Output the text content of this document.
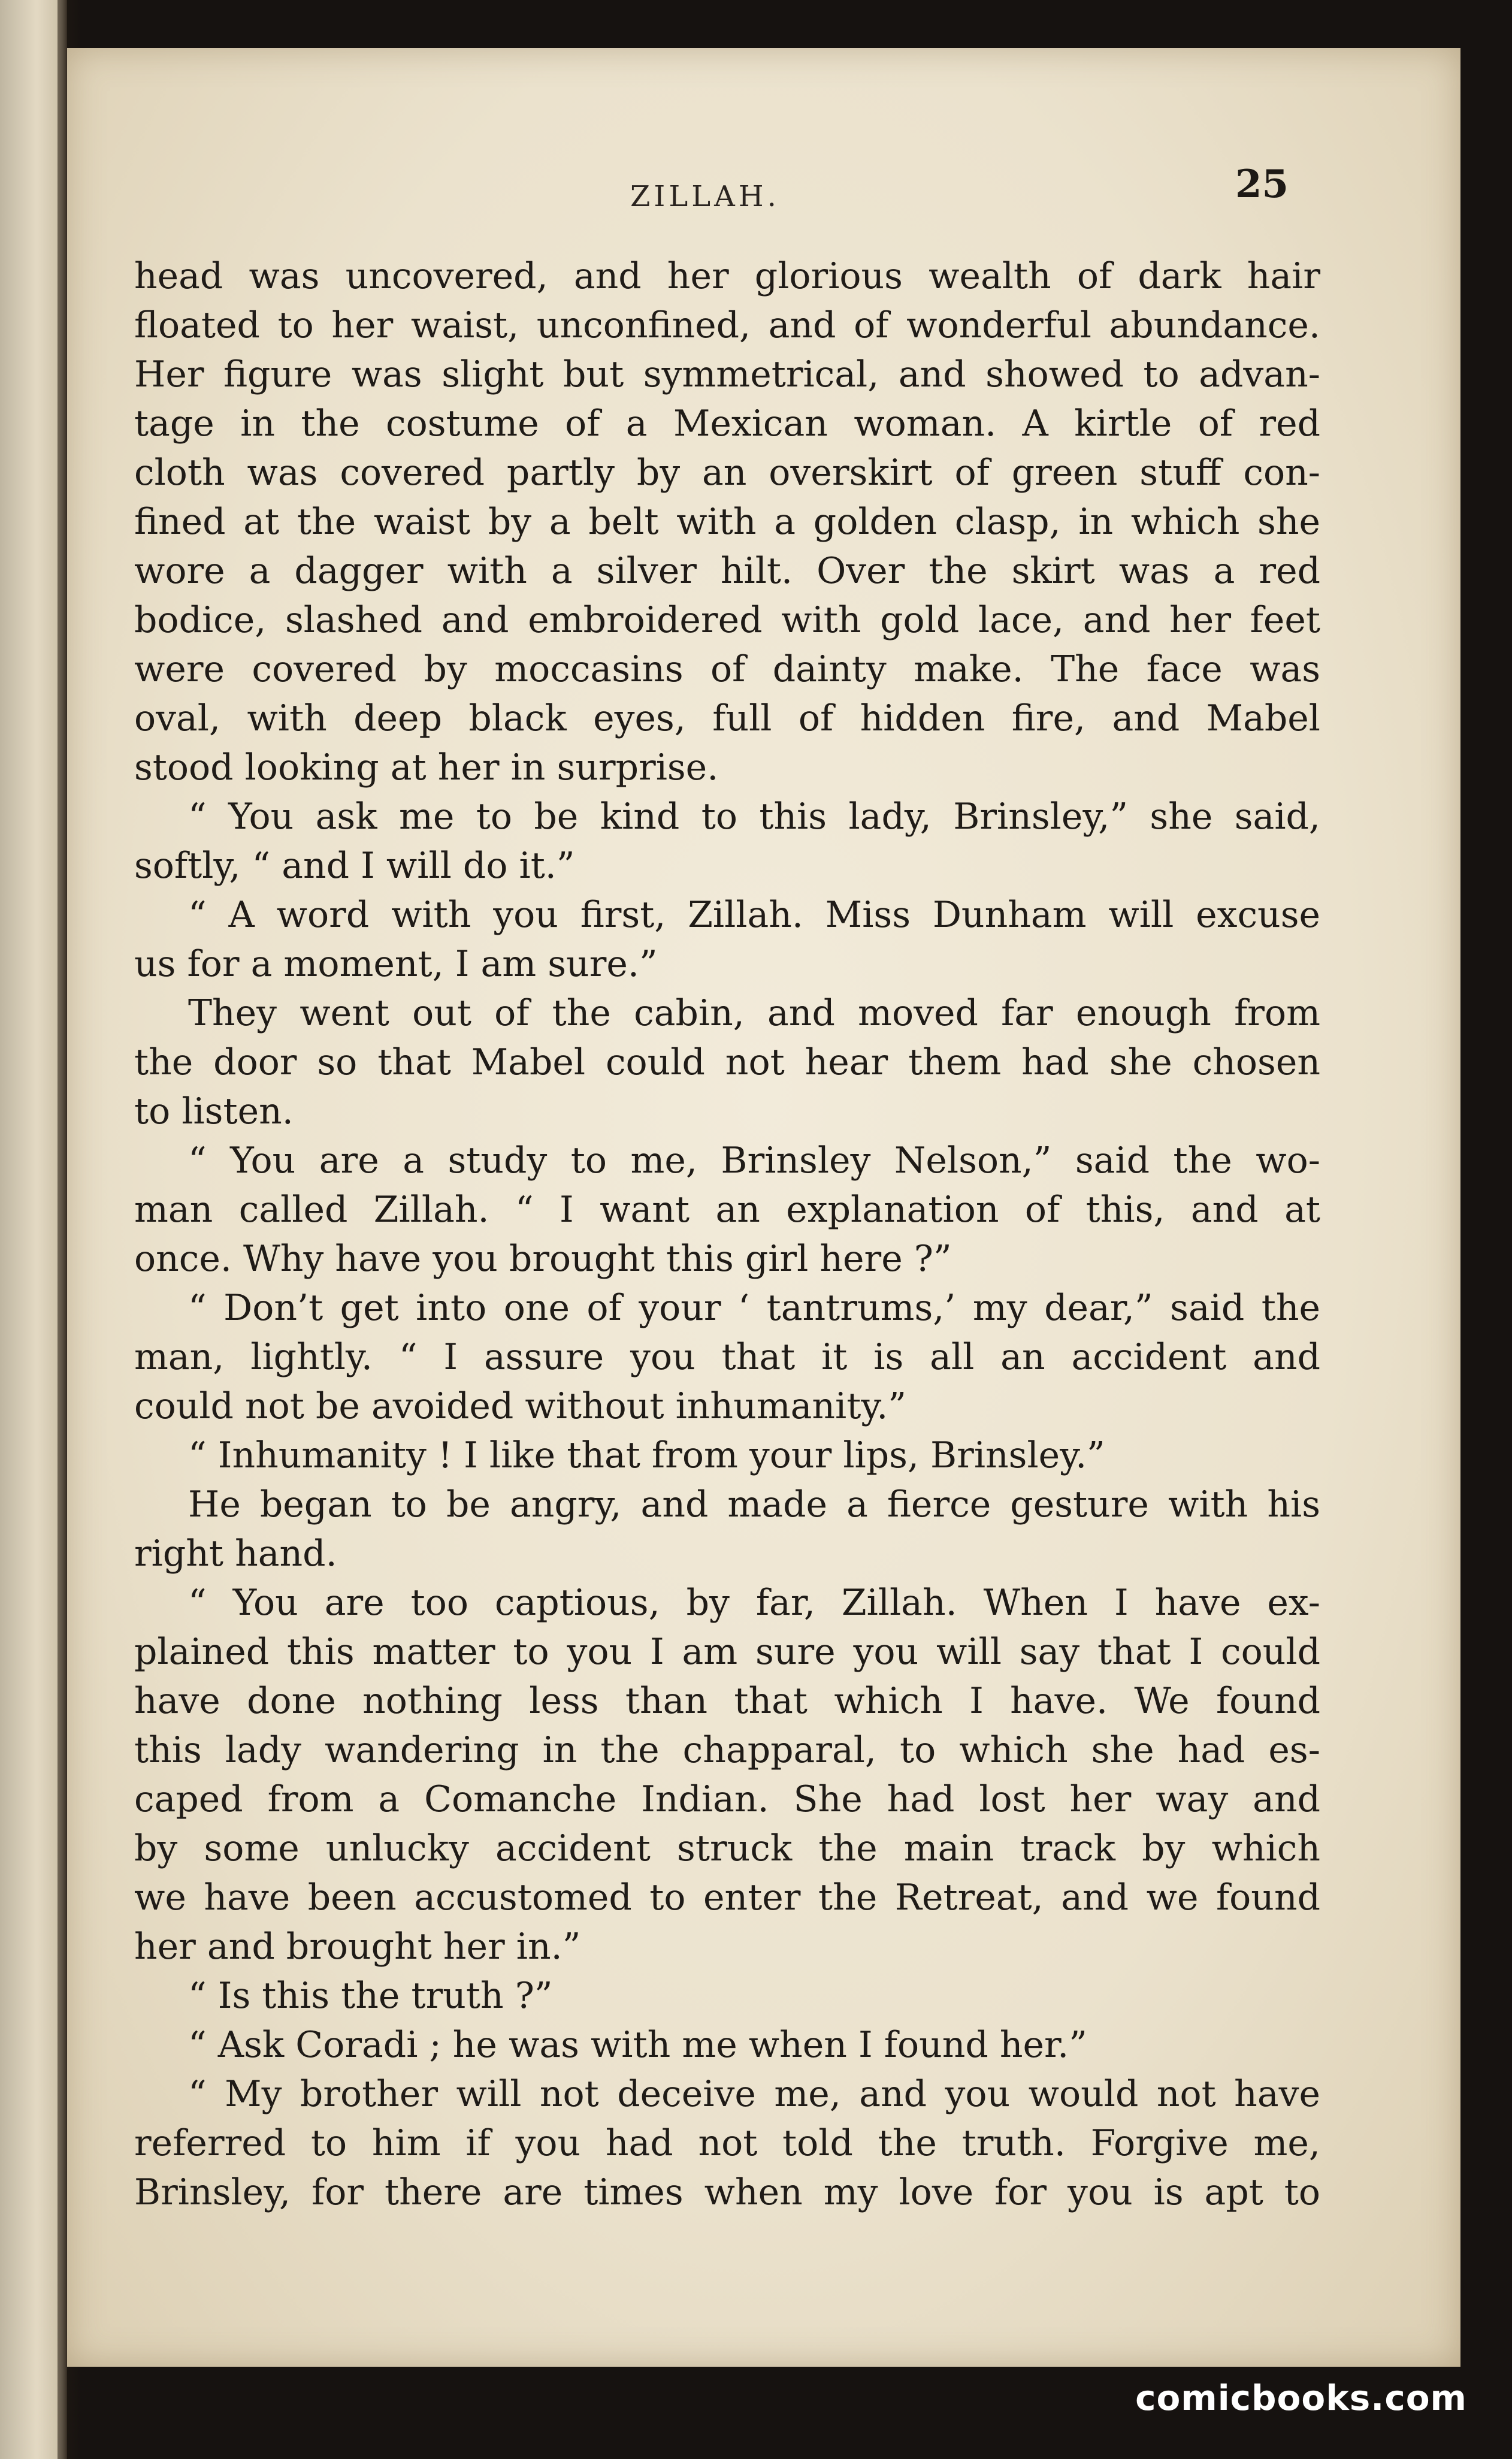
ZILLAH.	25
head was uncovered, and her glorious wealth of dark hair
floated to her waist, unconfined, and of wonderful abundance.
Her figure was slight but symmetrical, and showed to advan-
tage in the costume of a Mexican woman. A kirtle of red
cloth was covered partly by an overskirt of green stuff con-
fined at the waist by a belt with a golden clasp, in which she
wore a dagger with a silver hilt. Over the skirt was a red
bodice, slashed and embroidered with gold lace, and her feet
were covered by moccasins of dainty make. The face was
oval, with deep black eyes, full of hidden fire, and Mabel
stood looking at her in surprise.
“ You ask me to be kind to this lady, Brinsley,” she said,
softly, “ and I will do it.”
“ A word with you first, Zillah. Miss Dunham will excuse
us for a moment, I am sure.”
They went out of the cabin, and moved far enough from
the door so that Mabel could not hear them had she chosen
to listen.
“ You are a study to me, Brinsley Nelson,” said the wo-
man called Zillah. “ I want an explanation of this, and at
once. Why have you brought this girl here ?”
“ Don’t get into one of your ‘ tantrums,’ my dear,” said the
man, lightly. “ I assure you that it is all an accident and
could not be avoided without inhumanity.”
“ Inhumanity ! I like that from your lips, Brinsley.”
He began to be angry, and made a fierce gesture with his
right hand.
“ You are too captious, by far, Zillah. When I have ex-
plained this matter to you I am sure you will say that I could
have done nothing less than that which I have. We found
this lady wandering in the chapparal, to which she had es-
caped from a Comanche Indian. She had lost her way and
by some unlucky accident struck the main track by which
we have been accustomed to enter the Retreat, and we found
her and brought her in.”
“ Is this the truth ?”
“ Ask Coradi ; he was with me when I found her.”
“ My brother will not deceive me, and you would not have
referred to him if you had not told the truth. Forgive me,
Brinsley, for there are times when my love for you is apt to
comicbooks.com
